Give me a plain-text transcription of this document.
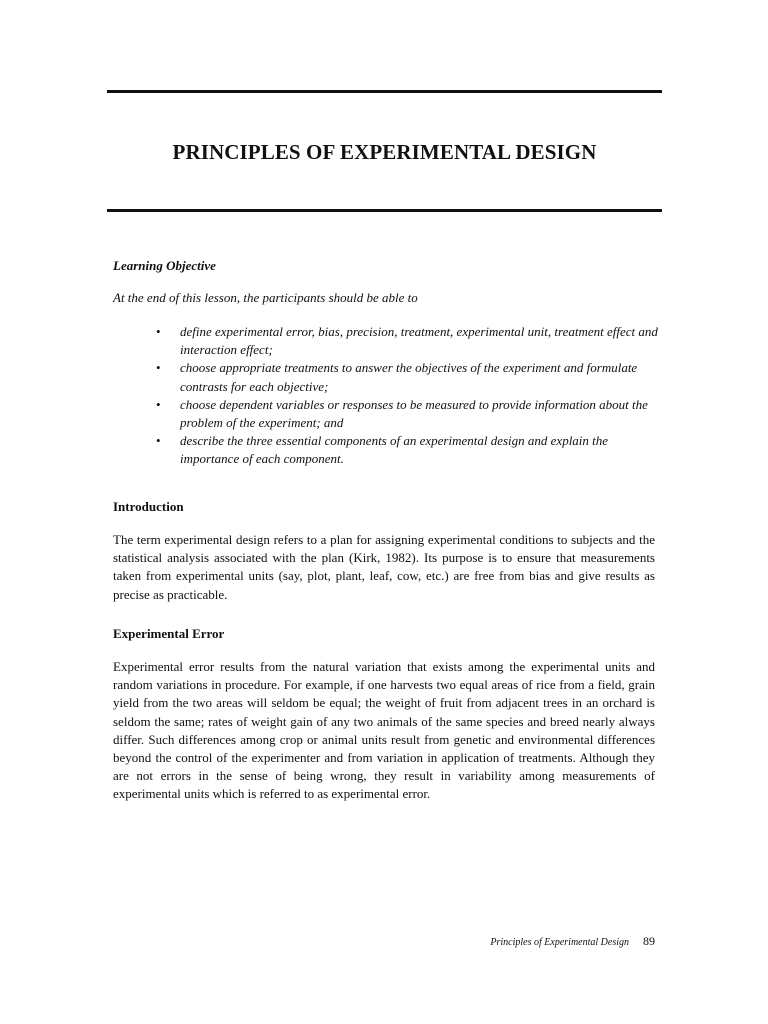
PRINCIPLES OF EXPERIMENTAL DESIGN
Learning Objective
At the end of this lesson, the participants should be able to
• define experimental error, bias, precision, treatment, experimental unit, treatment effect and interaction effect;
• choose appropriate treatments to answer the objectives of the experiment and formulate contrasts for each objective;
• choose dependent variables or responses to be measured to provide information about the problem of the experiment; and
• describe the three essential components of an experimental design and explain the importance of each component.
Introduction

The term experimental design refers to a plan for assigning experimental conditions to subjects and the statistical analysis associated with the plan (Kirk, 1982). Its purpose is to ensure that measurements taken from experimental units (say, plot, plant, leaf, cow, etc.) are free from bias and give results as precise as practicable.

Experimental Error

Experimental error results from the natural variation that exists among the experimental units and random variations in procedure. For example, if one harvests two equal areas of rice from a field, grain yield from the two areas will seldom be equal; the weight of fruit from adjacent trees in an orchard is seldom the same; rates of weight gain of any two animals of the same species and breed nearly always differ. Such differences among crop or animal units result from genetic and environmental differences beyond the control of the experimenter and from variation in application of treatments. Although they are not errors in the sense of being wrong, they result in variability among measurements of experimental units which is referred to as experimental error.

Principles of Experimental Design 89
